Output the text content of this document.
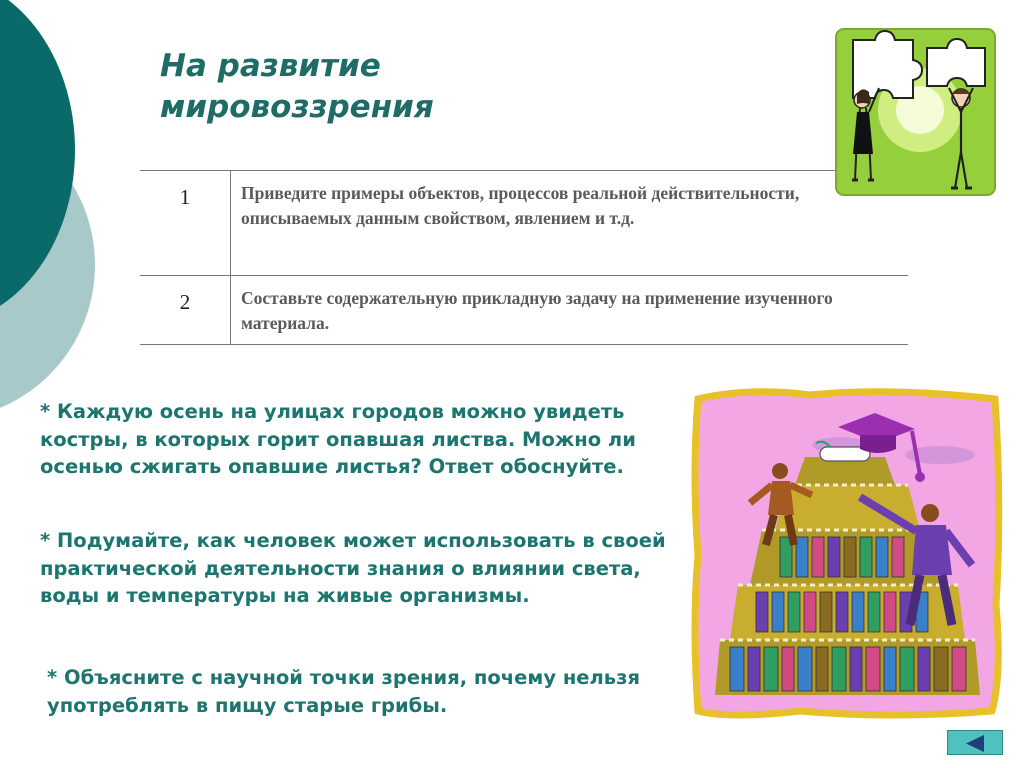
На развитие мировоззрения
1	Приведите примеры объектов, процессов реальной действительности, описываемых данным свойством, явлением и т.д.
2	Составьте содержательную прикладную задачу на применение изученного материала.
* Каждую осень на улицах городов можно увидеть костры, в которых горит опавшая листва. Можно ли осенью сжигать опавшие листья? Ответ обоснуйте.
* Подумайте, как человек может использовать в своей практической деятельности знания о влиянии света, воды и температуры на живые организмы.
* Объясните с научной точки зрения, почему нельзя употреблять в пищу старые грибы.
